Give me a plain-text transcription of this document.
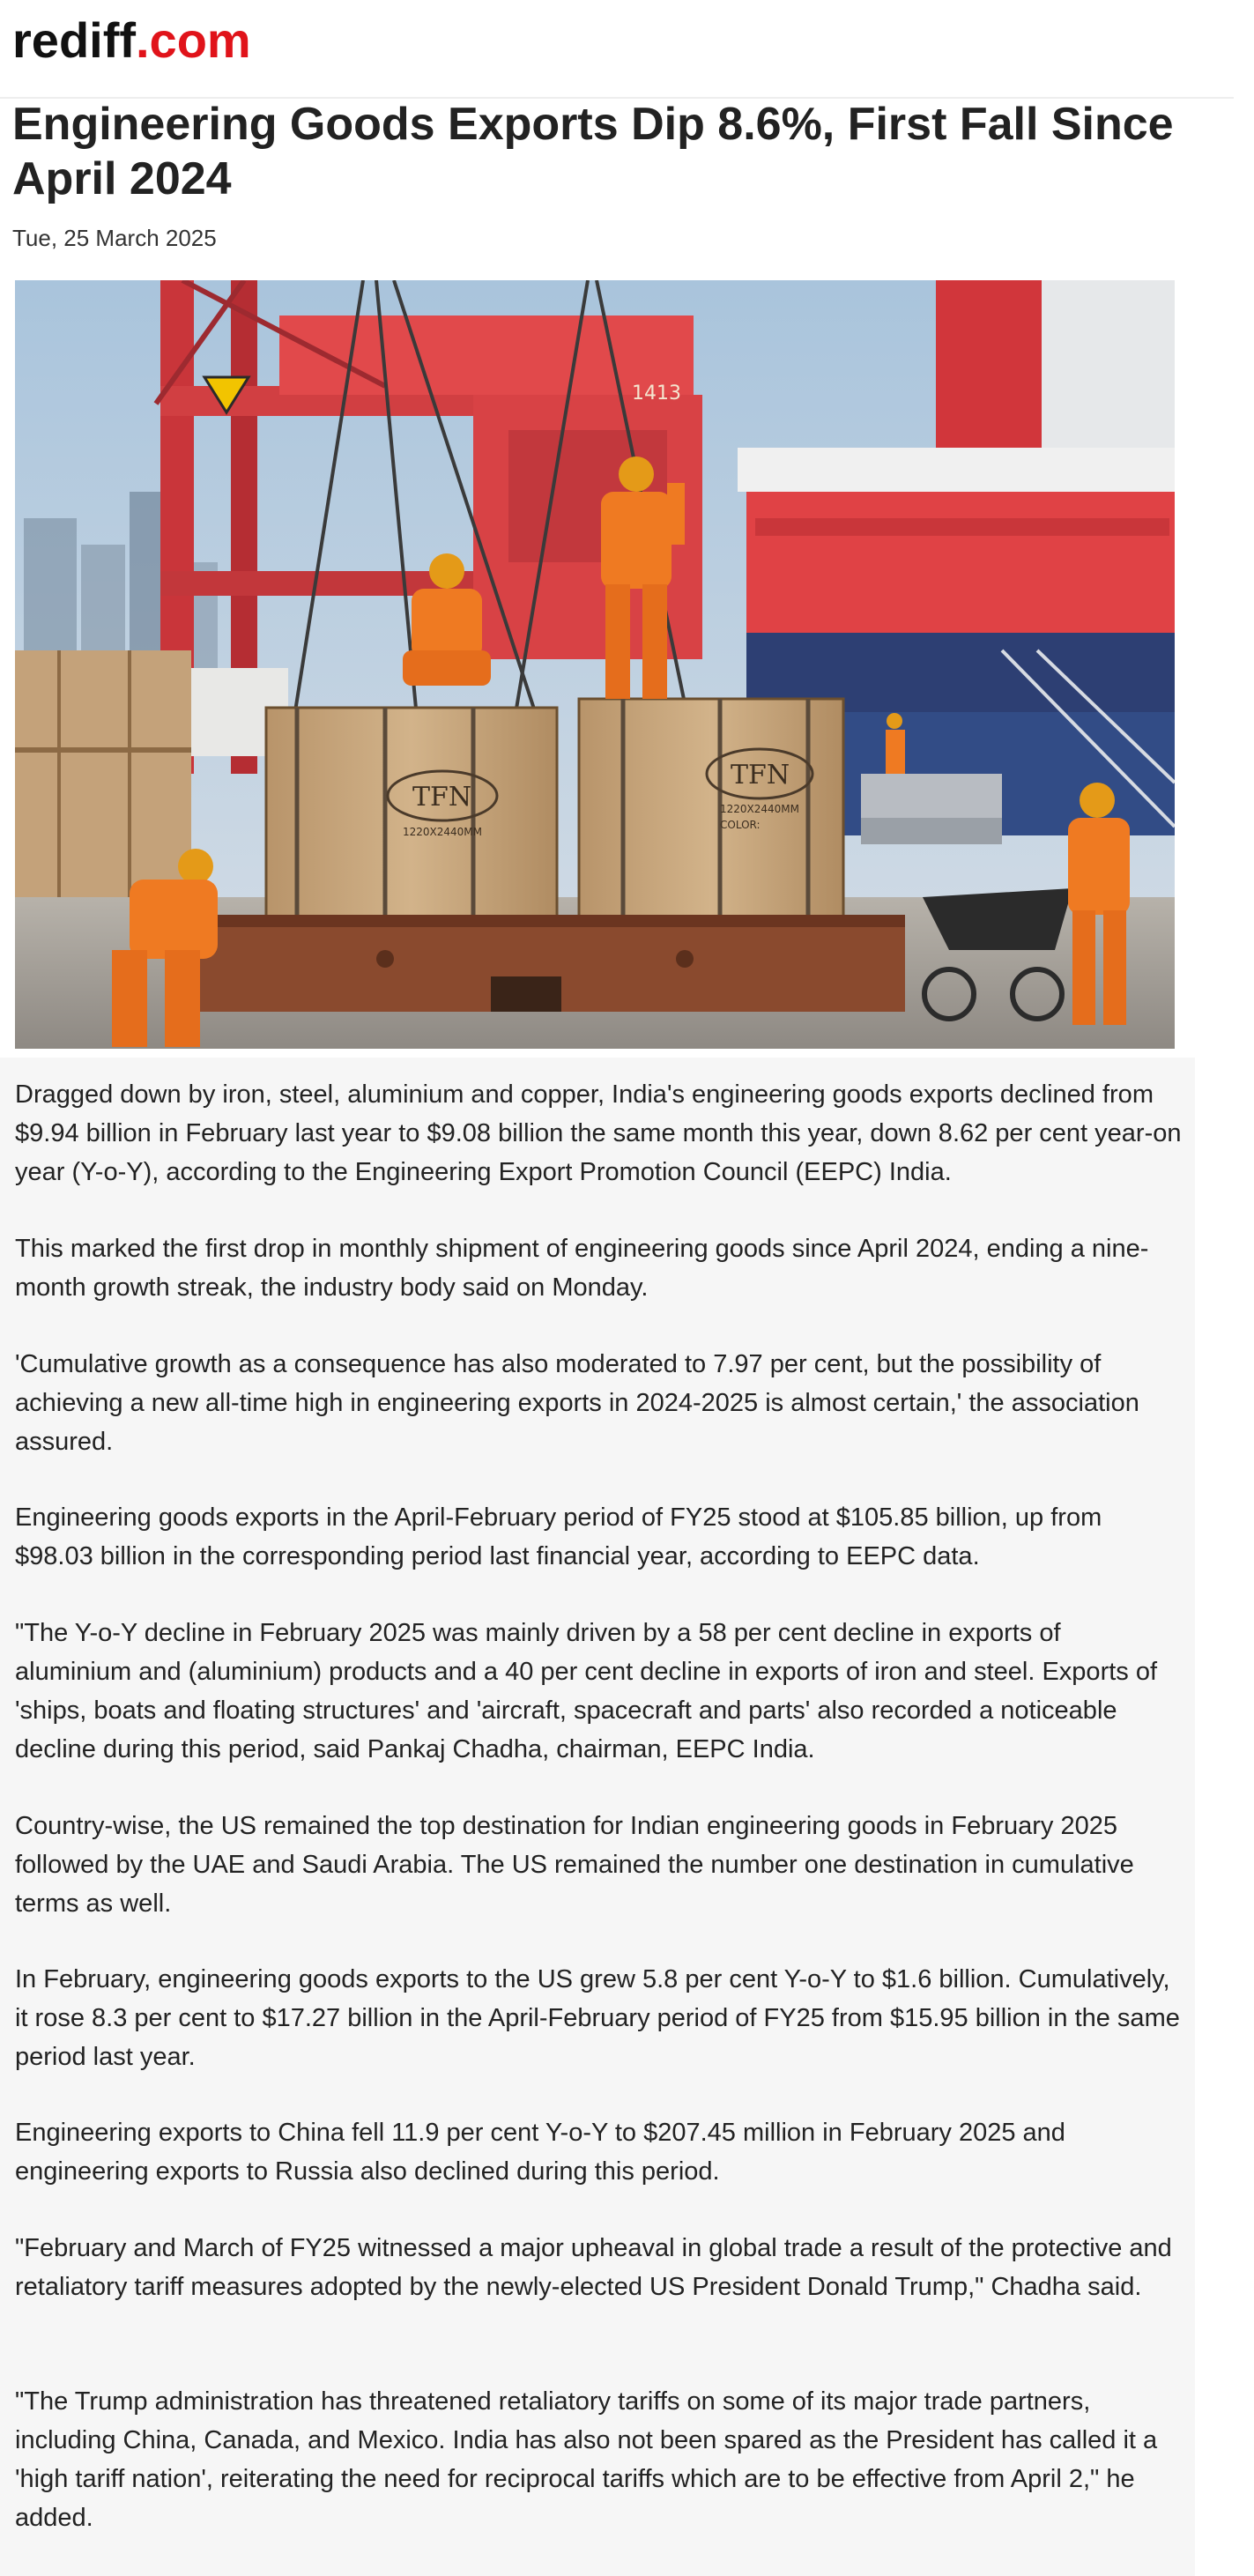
rediff.com
Engineering Goods Exports Dip 8.6%, First Fall Since April 2024
Tue, 25 March 2025
1413
TFN
1220X2440MM
TFN
1220X2440MM
COLOR:

Dragged down by iron, steel, aluminium and copper, India's engineering goods exports declined from $9.94 billion in February last year to $9.08 billion the same month this year, down 8.62 per cent year-on year (Y-o-Y), according to the Engineering Export Promotion Council (EEPC) India.

This marked the first drop in monthly shipment of engineering goods since April 2024, ending a nine-month growth streak, the industry body said on Monday.

'Cumulative growth as a consequence has also moderated to 7.97 per cent, but the possibility of achieving a new all-time high in engineering exports in 2024-2025 is almost certain,' the association assured.

Engineering goods exports in the April-February period of FY25 stood at $105.85 billion, up from $98.03 billion in the corresponding period last financial year, according to EEPC data.

"The Y-o-Y decline in February 2025 was mainly driven by a 58 per cent decline in exports of aluminium and (aluminium) products and a 40 per cent decline in exports of iron and steel. Exports of 'ships, boats and floating structures' and 'aircraft, spacecraft and parts' also recorded a noticeable decline during this period, said Pankaj Chadha, chairman, EEPC India.

Country-wise, the US remained the top destination for Indian engineering goods in February 2025 followed by the UAE and Saudi Arabia. The US remained the number one destination in cumulative terms as well.

In February, engineering goods exports to the US grew 5.8 per cent Y-o-Y to $1.6 billion. Cumulatively, it rose 8.3 per cent to $17.27 billion in the April-February period of FY25 from $15.95 billion in the same period last year.

Engineering exports to China fell 11.9 per cent Y-o-Y to $207.45 million in February 2025 and engineering exports to Russia also declined during this period.

"February and March of FY25 witnessed a major upheaval in global trade a result of the protective and retaliatory tariff measures adopted by the newly-elected US President Donald Trump," Chadha said.

"The Trump administration has threatened retaliatory tariffs on some of its major trade partners, including China, Canada, and Mexico. India has also not been spared as the President has called it a 'high tariff nation', reiterating the need for reciprocal tariffs which are to be effective from April 2," he added.
